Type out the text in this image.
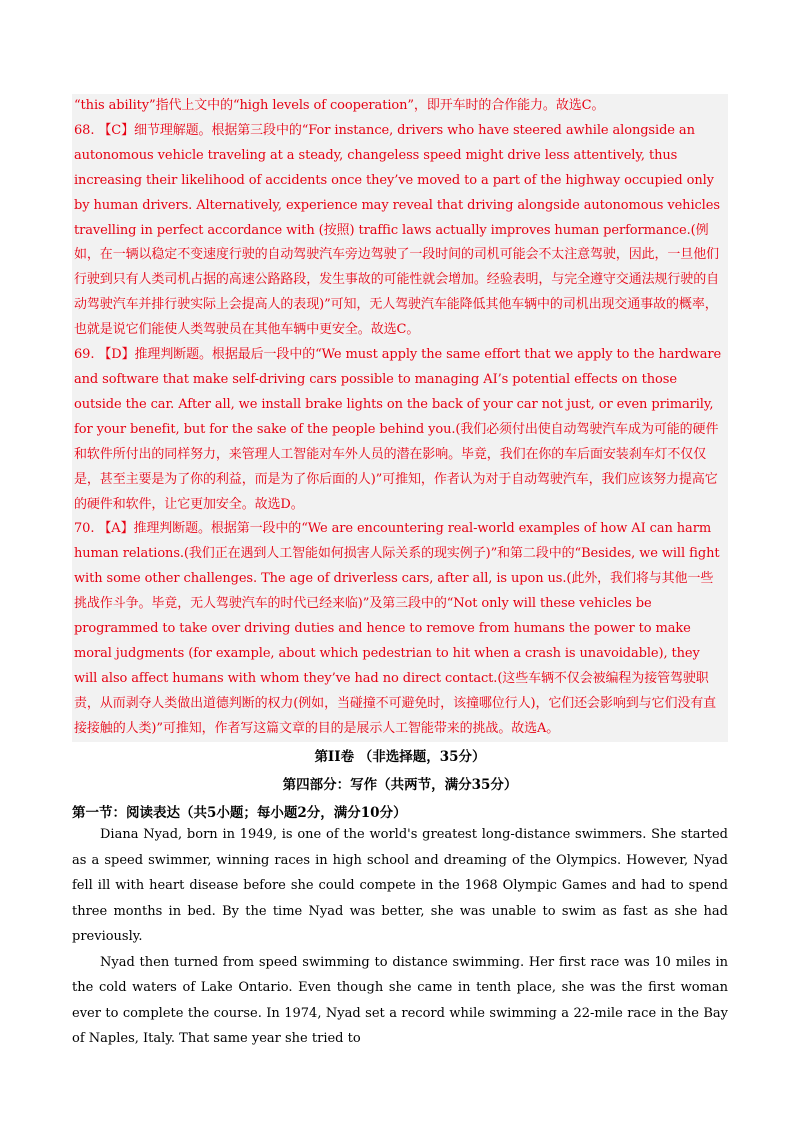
“this ability”指代上文中的“high levels of cooperation”，即开车时的合作能力。故选C。

68. 【C】细节理解题。根据第三段中的“For instance, drivers who have steered awhile alongside an autonomous vehicle traveling at a steady, changeless speed might drive less attentively, thus increasing their likelihood of accidents once they’ve moved to a part of the highway occupied only by human drivers. Alternatively, experience may reveal that driving alongside autonomous vehicles travelling in perfect accordance with (按照) traffic laws actually improves human performance.(例如，在一辆以稳定不变速度行驶的自动驾驶汽车旁边驾驶了一段时间的司机可能会不太注意驾驶，因此，一旦他们行驶到只有人类司机占据的高速公路路段，发生事故的可能性就会增加。经验表明，与完全遵守交通法规行驶的自动驾驶汽车并排行驶实际上会提高人的表现)”可知，无人驾驶汽车能降低其他车辆中的司机出现交通事故的概率，也就是说它们能使人类驾驶员在其他车辆中更安全。故选C。

69. 【D】推理判断题。根据最后一段中的“We must apply the same effort that we apply to the hardware and software that make self-driving cars possible to managing AI’s potential effects on those outside the car. After all, we install brake lights on the back of your car not just, or even primarily, for your benefit, but for the sake of the people behind you.(我们必须付出使自动驾驶汽车成为可能的硬件和软件所付出的同样努力，来管理人工智能对车外人员的潜在影响。毕竟，我们在你的车后面安装刹车灯不仅仅是，甚至主要是为了你的利益，而是为了你后面的人)”可推知，作者认为对于自动驾驶汽车，我们应该努力提高它的硬件和软件，让它更加安全。故选D。

70. 【A】推理判断题。根据第一段中的“We are encountering real-world examples of how AI can harm human relations.(我们正在遇到人工智能如何损害人际关系的现实例子)”和第二段中的“Besides, we will fight with some other challenges. The age of driverless cars, after all, is upon us.(此外，我们将与其他一些挑战作斗争。毕竟，无人驾驶汽车的时代已经来临)”及第三段中的“Not only will these vehicles be programmed to take over driving duties and hence to remove from humans the power to make moral judgments (for example, about which pedestrian to hit when a crash is unavoidable), they will also affect humans with whom they’ve had no direct contact.(这些车辆不仅会被编程为接管驾驶职责，从而剥夺人类做出道德判断的权力(例如，当碰撞不可避免时，该撞哪位行人)，它们还会影响到与它们没有直接接触的人类)”可推知，作者写这篇文章的目的是展示人工智能带来的挑战。故选A。

第II卷 （非选择题，35分）
第四部分：写作（共两节，满分35分）
第一节：阅读表达（共5小题；每小题2分，满分10分）

Diana Nyad, born in 1949, is one of the world's greatest long-distance swimmers. She started as a speed swimmer, winning races in high school and dreaming of the Olympics. However, Nyad fell ill with heart disease before she could compete in the 1968 Olympic Games and had to spend three months in bed. By the time Nyad was better, she was unable to swim as fast as she had previously.

Nyad then turned from speed swimming to distance swimming. Her first race was 10 miles in the cold waters of Lake Ontario. Even though she came in tenth place, she was the first woman ever to complete the course. In 1974, Nyad set a record while swimming a 22-mile race in the Bay of Naples, Italy. That same year she tried to
